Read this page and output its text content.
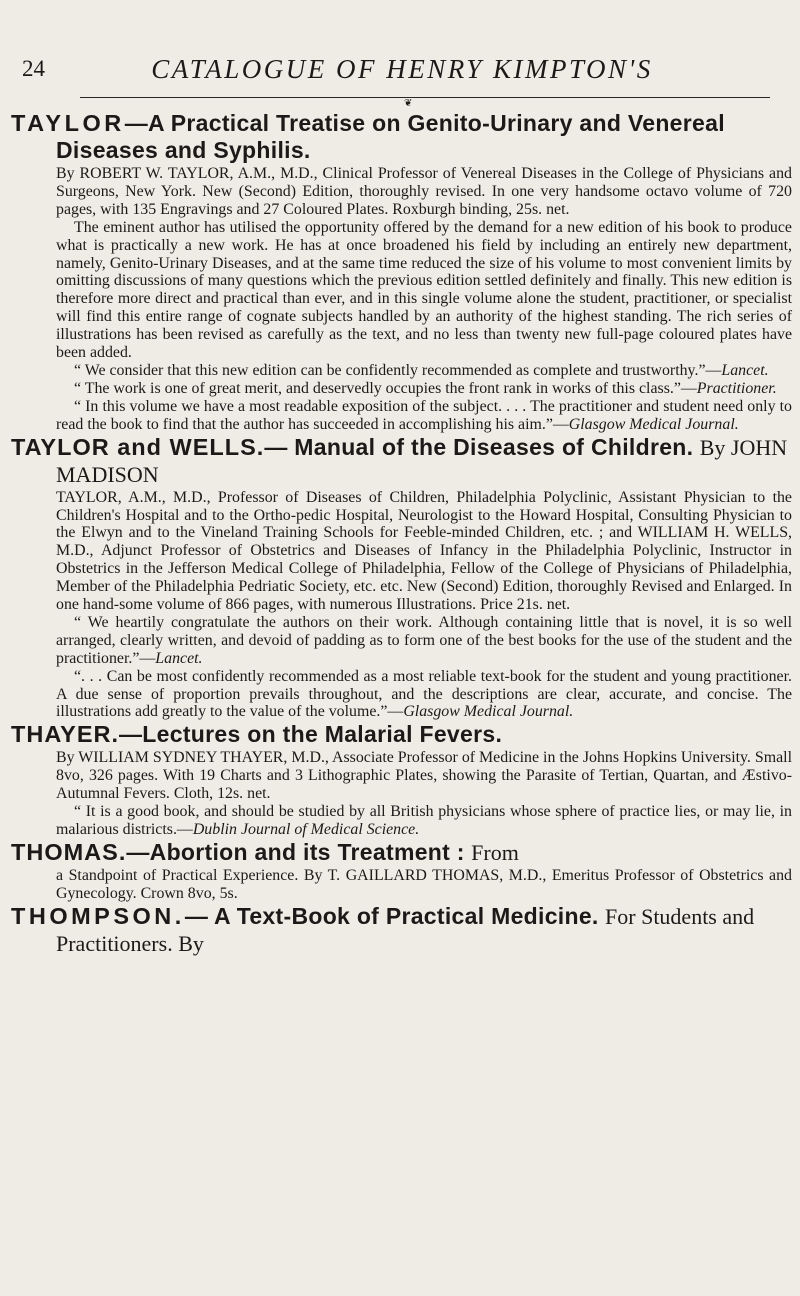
24	CATALOGUE OF HENRY KIMPTON'S
❦
TAYLOR—A Practical Treatise on Genito-Urinary and Venereal Diseases and Syphilis.

By ROBERT W. TAYLOR, A.M., M.D., Clinical Professor of Venereal Diseases in the College of Physicians and Surgeons, New York. New (Second) Edition, thoroughly revised. In one very handsome octavo volume of 720 pages, with 135 Engravings and 27 Coloured Plates. Roxburgh binding, 25s. net.

The eminent author has utilised the opportunity offered by the demand for a new edition of his book to produce what is practically a new work. He has at once broadened his field by including an entirely new department, namely, Genito-Urinary Diseases, and at the same time reduced the size of his volume to most convenient limits by omitting discussions of many questions which the previous edition settled definitely and finally. This new edition is therefore more direct and practical than ever, and in this single volume alone the student, practitioner, or specialist will find this entire range of cognate subjects handled by an authority of the highest standing. The rich series of illustrations has been revised as carefully as the text, and no less than twenty new full-page coloured plates have been added.

“ We consider that this new edition can be confidently recommended as complete and trustworthy.”—Lancet.

“ The work is one of great merit, and deservedly occupies the front rank in works of this class.”—Practitioner.

“ In this volume we have a most readable exposition of the subject. . . . The practitioner and student need only to read the book to find that the author has succeeded in accomplishing his aim.”—Glasgow Medical Journal.

TAYLOR and WELLS.— Manual of the Diseases of Children. By JOHN MADISON

TAYLOR, A.M., M.D., Professor of Diseases of Children, Philadelphia Polyclinic, Assistant Physician to the Children's Hospital and to the Ortho-pedic Hospital, Neurologist to the Howard Hospital, Consulting Physician to the Elwyn and to the Vineland Training Schools for Feeble-minded Children, etc. ; and WILLIAM H. WELLS, M.D., Adjunct Professor of Obstetrics and Diseases of Infancy in the Philadelphia Polyclinic, Instructor in Obstetrics in the Jefferson Medical College of Philadelphia, Fellow of the College of Physicians of Philadelphia, Member of the Philadelphia Pedriatic Society, etc. etc. New (Second) Edition, thoroughly Revised and Enlarged. In one hand-some volume of 866 pages, with numerous Illustrations. Price 21s. net.

“ We heartily congratulate the authors on their work. Although containing little that is novel, it is so well arranged, clearly written, and devoid of padding as to form one of the best books for the use of the student and the practitioner.”—Lancet.

“. . . Can be most confidently recommended as a most reliable text-book for the student and young practitioner. A due sense of proportion prevails throughout, and the descriptions are clear, accurate, and concise. The illustrations add greatly to the value of the volume.”—Glasgow Medical Journal.

THAYER.—Lectures on the Malarial Fevers.

By WILLIAM SYDNEY THAYER, M.D., Associate Professor of Medicine in the Johns Hopkins University. Small 8vo, 326 pages. With 19 Charts and 3 Lithographic Plates, showing the Parasite of Tertian, Quartan, and Æstivo-Autumnal Fevers. Cloth, 12s. net.

“ It is a good book, and should be studied by all British physicians whose sphere of practice lies, or may lie, in malarious districts.—Dublin Journal of Medical Science.

THOMAS.—Abortion and its Treatment : From

a Standpoint of Practical Experience. By T. GAILLARD THOMAS, M.D., Emeritus Professor of Obstetrics and Gynecology. Crown 8vo, 5s.

THOMPSON.— A Text-Book of Practical Medicine. For Students and Practitioners. By
